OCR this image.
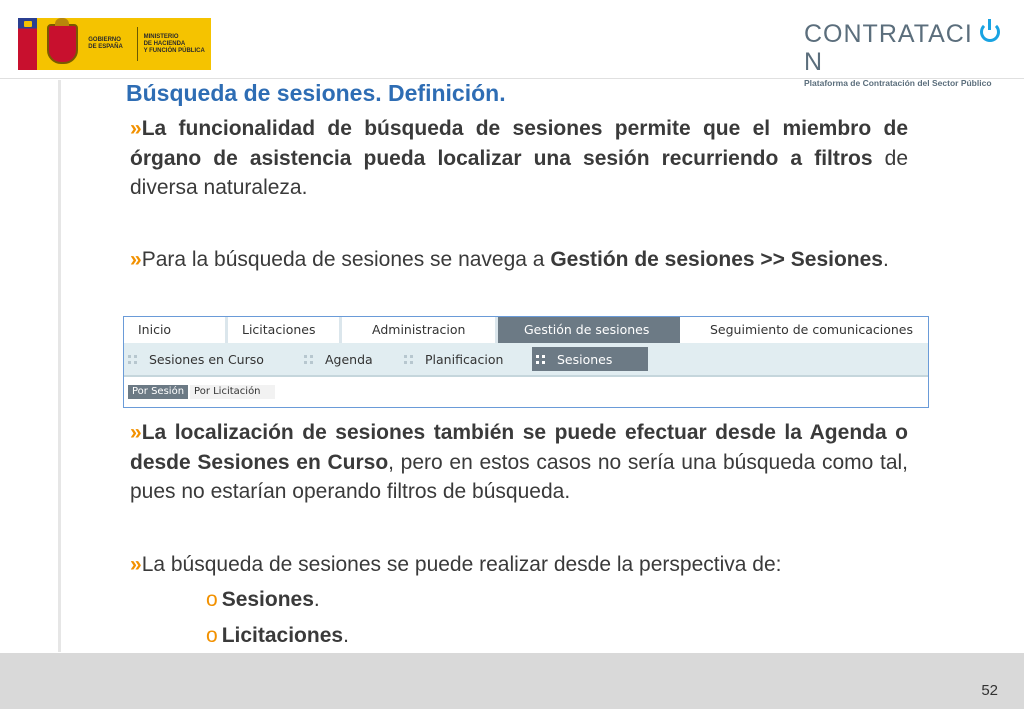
GOBIERNO
DE ESPAÑA
MINISTERIO
DE HACIENDA
Y FUNCIÓN PÚBLICA
CONTRATACIN
Plataforma de Contratación del Sector Público
Búsqueda de sesiones. Definición.
»La funcionalidad de búsqueda de sesiones permite que el miembro de órgano de asistencia pueda localizar una sesión recurriendo a filtros de diversa naturaleza.
»Para la búsqueda de sesiones se navega a Gestión de sesiones >> Sesiones.
Inicio	Licitaciones	Administracion	Gestión de sesiones	Seguimiento de comunicaciones
Sesiones en Curso	Agenda	Planificacion	Sesiones
Por Sesión	Por Licitación
»La localización de sesiones también se puede efectuar desde la Agenda o desde Sesiones en Curso, pero en estos casos no sería una búsqueda como tal, pues no estarían operando filtros de búsqueda.
»La búsqueda de sesiones se puede realizar desde la perspectiva de:
o Sesiones.
o Licitaciones.
52
